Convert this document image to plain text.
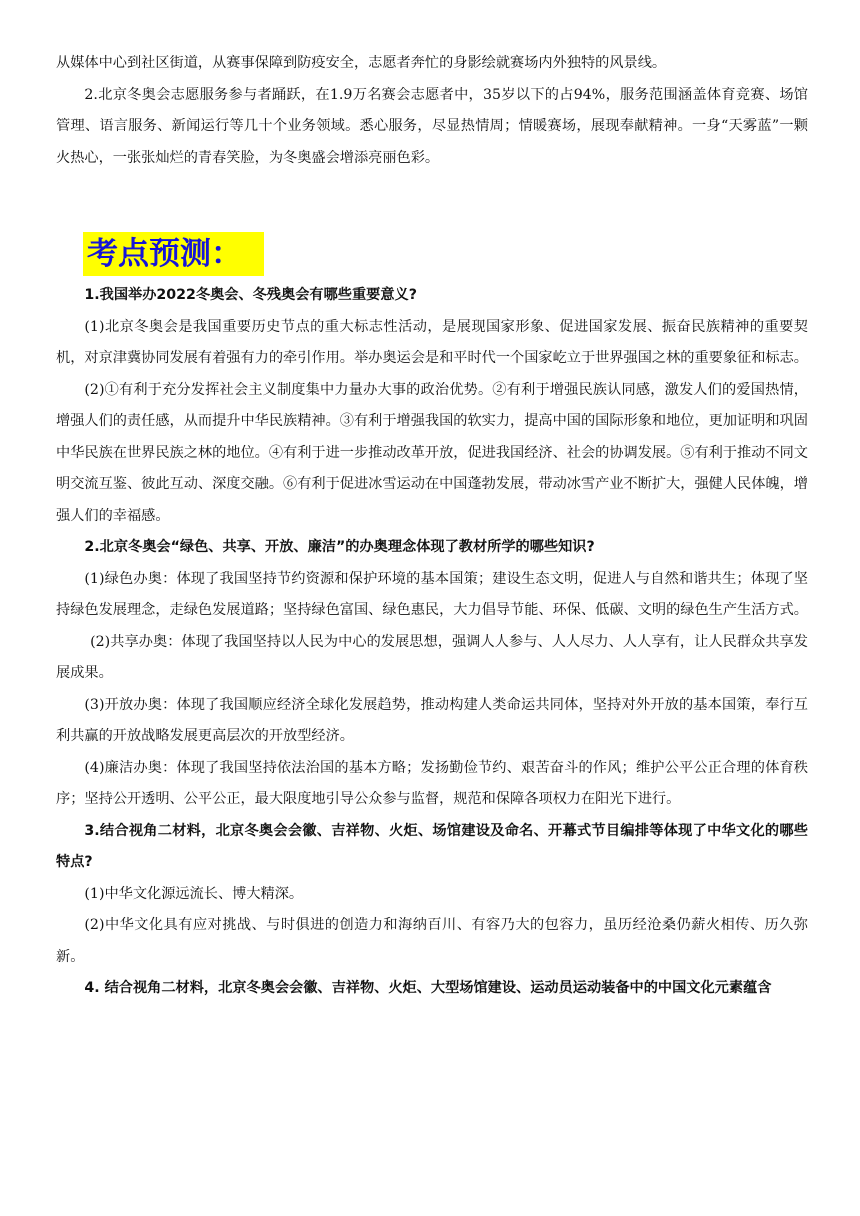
从媒体中心到社区街道，从赛事保障到防疫安全，志愿者奔忙的身影绘就赛场内外独特的风景线。

2.北京冬奥会志愿服务参与者踊跃，在1.9万名赛会志愿者中，35岁以下的占94%，服务范围涵盖体育竞赛、场馆管理、语言服务、新闻运行等几十个业务领域。悉心服务，尽显热情周；情暖赛场，展现奉献精神。一身“天雾蓝”一颗火热心，一张张灿烂的青春笑脸，为冬奥盛会增添亮丽色彩。

考点预测：

1.我国举办2022冬奥会、冬残奥会有哪些重要意义?

(1)北京冬奥会是我国重要历史节点的重大标志性活动，是展现国家形象、促进国家发展、振奋民族精神的重要契机，对京津冀协同发展有着强有力的牵引作用。举办奥运会是和平时代一个国家屹立于世界强国之林的重要象征和标志。

(2)①有利于充分发挥社会主义制度集中力量办大事的政治优势。②有利于增强民族认同感，激发人们的爱国热情，增强人们的责任感，从而提升中华民族精神。③有利于增强我国的软实力，提高中国的国际形象和地位，更加证明和巩固中华民族在世界民族之林的地位。④有利于进一步推动改革开放，促进我国经济、社会的协调发展。⑤有利于推动不同文明交流互鉴、彼此互动、深度交融。⑥有利于促进冰雪运动在中国蓬勃发展，带动冰雪产业不断扩大，强健人民体魄，增强人们的幸福感。

2.北京冬奥会“绿色、共享、开放、廉洁”的办奥理念体现了教材所学的哪些知识?

(1)绿色办奥：体现了我国坚持节约资源和保护环境的基本国策；建设生态文明，促进人与自然和谐共生；体现了坚持绿色发展理念，走绿色发展道路；坚持绿色富国、绿色惠民，大力倡导节能、环保、低碳、文明的绿色生产生活方式。

(2)共享办奥：体现了我国坚持以人民为中心的发展思想，强调人人参与、人人尽力、人人享有，让人民群众共享发展成果。

(3)开放办奥：体现了我国顺应经济全球化发展趋势，推动构建人类命运共同体，坚持对外开放的基本国策，奉行互利共赢的开放战略发展更高层次的开放型经济。

(4)廉洁办奥：体现了我国坚持依法治国的基本方略；发扬勤俭节约、艰苦奋斗的作风；维护公平公正合理的体育秩序；坚持公开透明、公平公正，最大限度地引导公众参与监督，规范和保障各项权力在阳光下进行。

3.结合视角二材料，北京冬奥会会徽、吉祥物、火炬、场馆建设及命名、开幕式节目编排等体现了中华文化的哪些特点?

(1)中华文化源远流长、博大精深。

(2)中华文化具有应对挑战、与时俱进的创造力和海纳百川、有容乃大的包容力，虽历经沧桑仍薪火相传、历久弥新。

4. 结合视角二材料，北京冬奥会会徽、吉祥物、火炬、大型场馆建设、运动员运动装备中的中国文化元素蕴含
